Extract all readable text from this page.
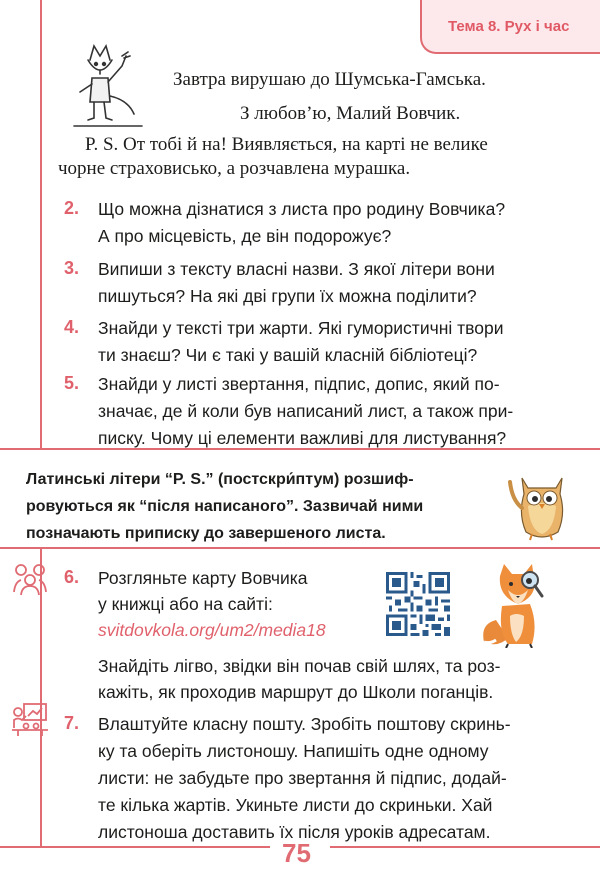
Тема 8. Рух і час
Завтра вирушаю до Шумська-Гамська.
З любов’ю, Малий Вовчик.
P. S. От тобі й на! Виявляється, на карті не велике
чорне страховисько, а розчавлена мурашка.
2. Що можна дізнатися з листа про родину Вовчика?
А про місцевість, де він подорожує?
3. Випиши з тексту власні назви. З якої літери вони
пишуться? На які дві групи їх можна поділити?
4. Знайди у тексті три жарти. Які гумористичні твори
ти знаєш? Чи є такі у вашій класній бібліотеці?
5. Знайди у листі звертання, підпис, допис, який по-
значає, де й коли був написаний лист, а також при-
писку. Чому ці елементи важливі для листування?
Латинські літери “P. S.” (постскри́птум) розшиф-
ровуються як “після написаного”. Зазвичай ними
позначають приписку до завершеного листа.
6. Розгляньте карту Вовчика
у книжці або на сайті:
svitdovkola.org/um2/media18
Знайдіть лігво, звідки він почав свій шлях, та роз-
кажіть, як проходив маршрут до Школи поганців.
7. Влаштуйте класну пошту. Зробіть поштову скринь-
ку та оберіть листоношу. Напишіть одне одному
листи: не забудьте про звертання й підпис, додай-
те кілька жартів. Укиньте листи до скриньки. Хай
листоноша доставить їх після уроків адресатам.
75
